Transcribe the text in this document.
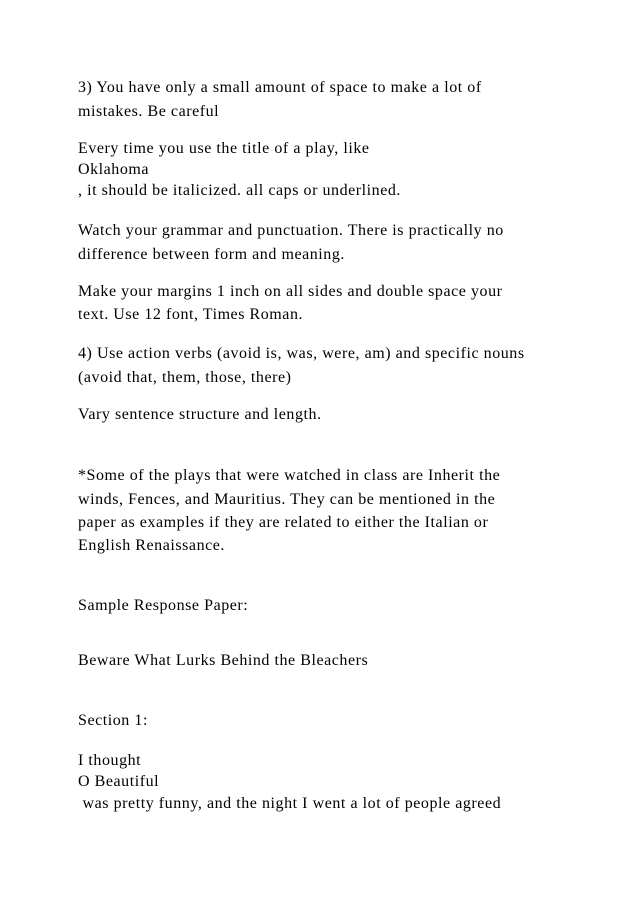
3) You have only a small amount of space to make a lot of

mistakes. Be careful

Every time you use the title of a play, like

Oklahoma

, it should be italicized. all caps or underlined.

Watch your grammar and punctuation. There is practically no

difference between form and meaning.

Make your margins 1 inch on all sides and double space your

text. Use 12 font, Times Roman.

4) Use action verbs (avoid is, was, were, am) and specific nouns

(avoid that, them, those, there)

Vary sentence structure and length.

*Some of the plays that were watched in class are Inherit the

winds, Fences, and Mauritius. They can be mentioned in the

paper as examples if they are related to either the Italian or

English Renaissance.

Sample Response Paper:

Beware What Lurks Behind the Bleachers

Section 1:

I thought

O Beautiful

was pretty funny, and the night I went a lot of people agreed
